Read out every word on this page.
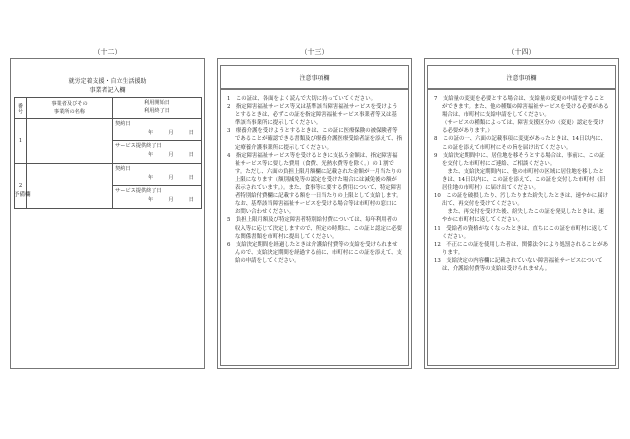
（十二）
就労定着支援・自立生活援助
事業者記入欄
番号	事業者及びその
事業所の名称
利用開始日
利用終了日
1
契約日
年　月　日
サービス提供終了日
年　月　日
2
契約日
年　月　日
サービス提供終了日
年　月　日
予備欄
（十三）
注意事項欄
1　この証は、各面をよく読んで大切に持っていてください。
2　指定障害福祉サービス等又は基準該当障害福祉サービスを受けようとするときは、必ずこの証を指定障害福祉サービス事業者等又は基準該当事業所に提示してください。
3　療養介護を受けようとするときは、この証に医療保険の被保険者等であることが確認できる書類及び療養介護医療受給者証を添えて、指定療養介護事業所に提示してください。
4　指定障害福祉サービス等を受けるときに支払う金額は、指定障害福祉サービス等に要した費用（食費、光熱水費等を除く。）の１割です。ただし、六面の負担上限月額欄に記載された金額が一月当たりの上限になります（額別減免等の認定を受けた場合には減免後の額が表示されています。）。また、食事等に要する費用について、特定障害者特別給付費欄に記載する額を一日当たりの上限として支給します。なお、基準該当障害福祉サービスを受ける場合等は市町村の窓口にお問い合わせください。
5　負担上限月額及び特定障害者特別給付費については、毎年利用者の収入等に応じて決定しますので、所定の時期に、この証と認定に必要な関係書類を市町村に提出してください。
6　支給決定期間を経過したときは介護給付費等の支給を受けられませんので、支給決定期間を経過する前に、市町村にこの証を添えて、支給の申請をしてください。
（十四）
注意事項欄
7　支給量の変更を必要とする場合は、支給量の変更の申請をすることができます。また、他の種類の障害福祉サービスを受ける必要がある場合は、市町村に支給申請をしてください。
（サービスの種類によっては、障害支援区分の（変更）認定を受ける必要があります。）
8　この証の一、六面の記載事項に変更があったときは、14日以内に、この証を添えて市町村にその旨を届け出てください。
9　支給決定期間中に、居住地を移そうとする場合は、事前に、この証を交付した市町村にご連絡、ご相談ください。
　また、支給決定期間内に、他の市町村の区域に居住地を移したときは、14日以内に、この証を添えて、この証を交付した市町村（旧居住地の市町村）に届け出てください。
10　この証を破損したり、汚したりまた紛失したときは、速やかに届け出て、再交付を受けてください。
　また、再交付を受けた後、紛失したこの証を発見したときは、速やかに市町村に返してください。
11　受給者の資格がなくなったときは、直ちにこの証を市町村に返してください。
12　不正にこの証を使用した者は、関係法令により処罰されることがあります。
13　支給決定の内容欄に記載されていない障害福祉サービスについては、介護給付費等の支給は受けられません。
